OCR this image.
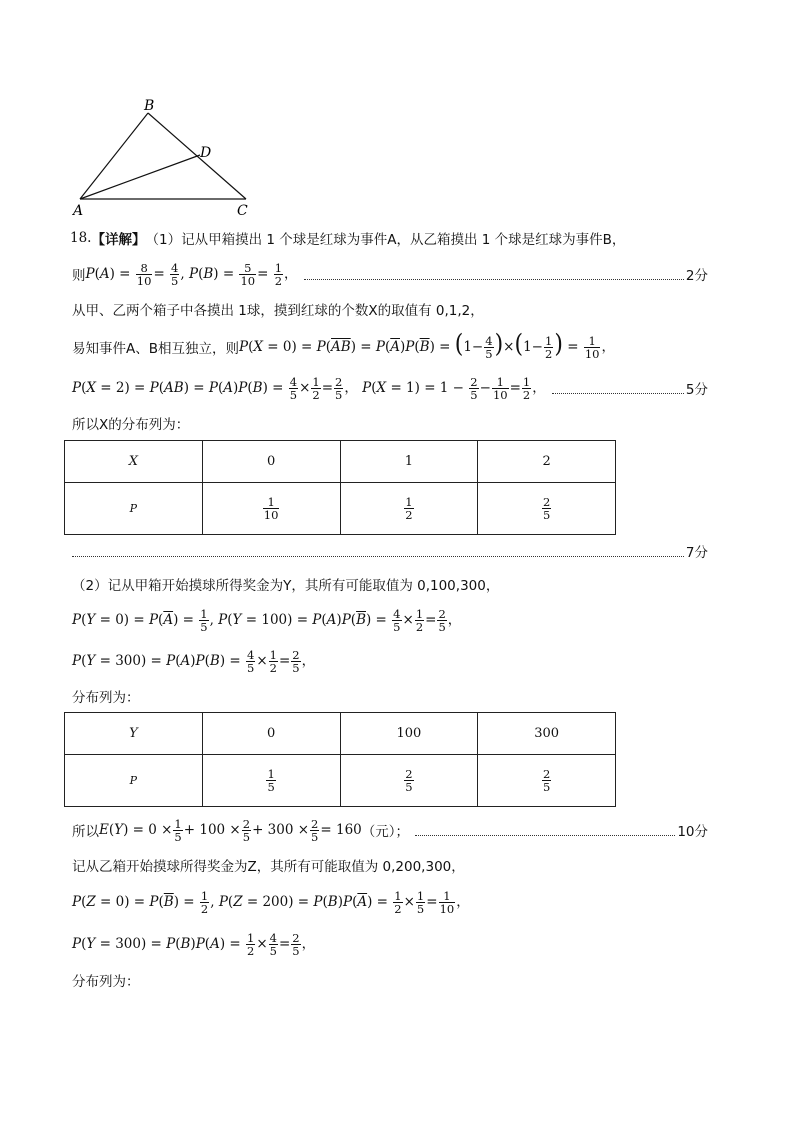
B
D
A	C
18. 【详解】 （1）记从甲箱摸出 1 个球是红球为事件A，从乙箱摸出 1 个球是红球为事件B，
则 $P(A) = \frac{8}{10} = \frac{4}{5}$ , $P(B) = \frac{5}{10} = \frac{1}{2}$ ，	2分
从甲、乙两个箱子中各摸出 1球，摸到红球的个数X的取值有 0,1,2，
易知事件A、B相互独立，则 $P(X = 0) = P(\overline{AB}) = P(\overline{A})P(\overline{B}) = (1- \frac{4}{5} )\times(1- \frac{1}{2}$ ) = $\frac{1}{10}$ ，
$P(X = 2) = P(AB) = P(A)P(B) = \frac{4}{5} \times \frac{1}{2} = \frac{2}{5}$ ， $P(X = 1) = 1 - \frac{2}{5} - \frac{1}{10} = \frac{1}{2}$ ，	5分
所以X的分布列为：
X	0	1	2
P	$\frac{1}{10}$	$\frac{1}{2}$	$\frac{2}{5}$
7分
（2）记从甲箱开始摸球所得奖金为Y，其所有可能取值为 0,100,300，
$P(Y = 0) = P(\overline{A}) = \frac{1}{5}$ , $P(Y = 100) = P(A)P(\overline{B}) = \frac{4}{5} \times \frac{1}{2} = \frac{2}{5}$ ，
$P(Y = 300) = P(A)P(B) = \frac{4}{5} \times \frac{1}{2} = \frac{2}{5}$ ，
分布列为：
Y	0	100	300
P	$\frac{1}{5}$	$\frac{2}{5}$	$\frac{2}{5}$
所以 $E(Y) = 0 \times \frac{1}{5} + 100 \times \frac{2}{5} + 300 \times \frac{2}{5} = 160$ （元）；	10分
记从乙箱开始摸球所得奖金为Z，其所有可能取值为 0,200,300，
$P(Z = 0) = P(\overline{B}) = \frac{1}{2}$ , $P(Z = 200) = P(B)P(\overline{A}) = \frac{1}{2} \times \frac{1}{5} = \frac{1}{10}$ ，
$P(Y = 300) = P(B)P(A) = \frac{1}{2} \times \frac{4}{5} = \frac{2}{5}$ ，
分布列为：
